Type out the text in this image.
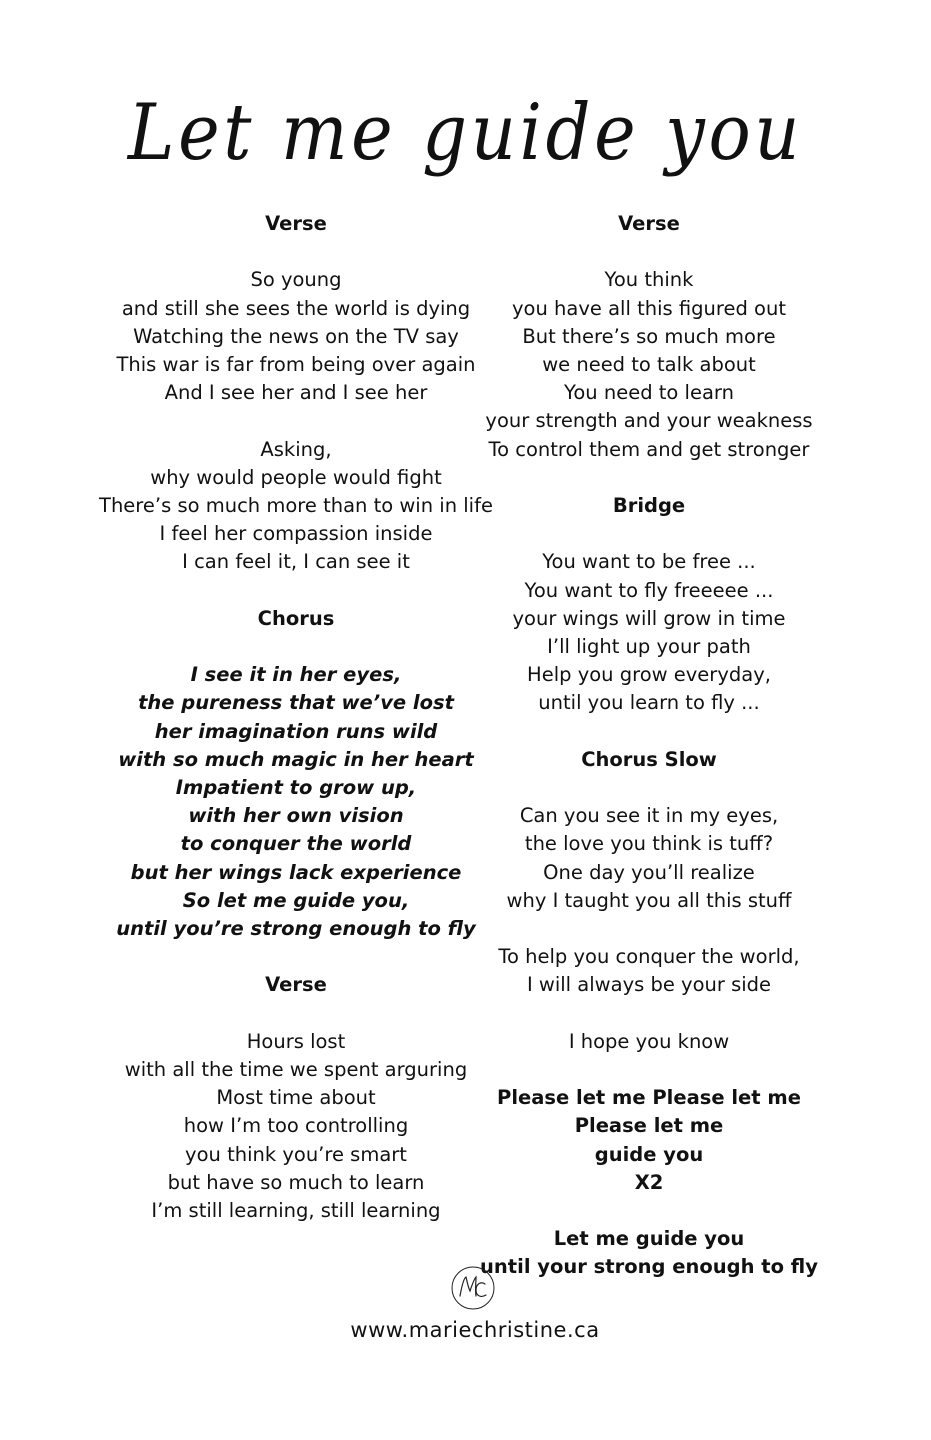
Let me guide you
Verse
So young
and still she sees the world is dying
Watching the news on the TV say
This war is far from being over again
And I see her and I see her
Asking,
why would people would fight
There’s so much more than to win in life
I feel her compassion inside
I can feel it, I can see it
Chorus
I see it in her eyes,
the pureness that we’ve lost
her imagination runs wild
with so much magic in her heart
Impatient to grow up,
with her own vision
to conquer the world
but her wings lack experience
So let me guide you,
until you’re strong enough to fly
Verse
Hours lost
with all the time we spent arguring
Most time about
how I’m too controlling
you think you’re smart
but have so much to learn
I’m still learning, still learning
Verse
You think
you have all this figured out
But there’s so much more
we need to talk about
You need to learn
your strength and your weakness
To control them and get stronger
Bridge
You want to be free ...
You want to fly freeeee ...
your wings will grow in time
I’ll light up your path
Help you grow everyday,
until you learn to fly ...
Chorus Slow
Can you see it in my eyes,
the love you think is tuff?
One day you’ll realize
why I taught you all this stuff
To help you conquer the world,
I will always be your side
I hope you know
Please let me Please let me
Please let me
guide you
X2
Let me guide you
until your strong enough to fly
www.mariechristine.ca
